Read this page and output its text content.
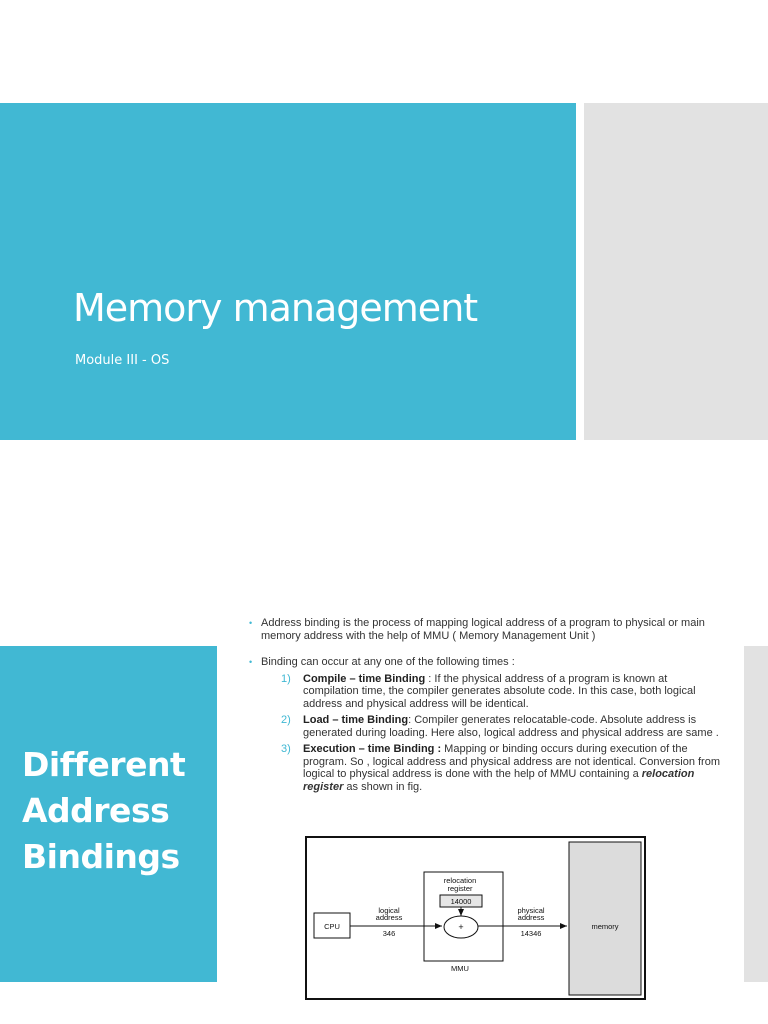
Memory management
Module III - OS
Different
Address
Bindings
• Address binding is the process of mapping logical address of a program to physical or main memory address with the help of MMU ( Memory Management Unit )
• Binding can occur at any one of the following times :
1) Compile – time Binding : If the physical address of a program is known at compilation time, the compiler generates absolute code. In this case, both logical address and physical address will be identical.
2) Load – time Binding: Compiler generates relocatable-code. Absolute address is generated during loading. Here also, logical address and physical address are same .
3) Execution – time Binding : Mapping or binding occurs during execution of the program. So , logical address and physical address are not identical. Conversion from logical to physical address is done with the help of MMU containing a relocation register as shown in fig.
memory
CPU
MMU
relocation
register
14000
+
logical
address
346
physical
address
14346
